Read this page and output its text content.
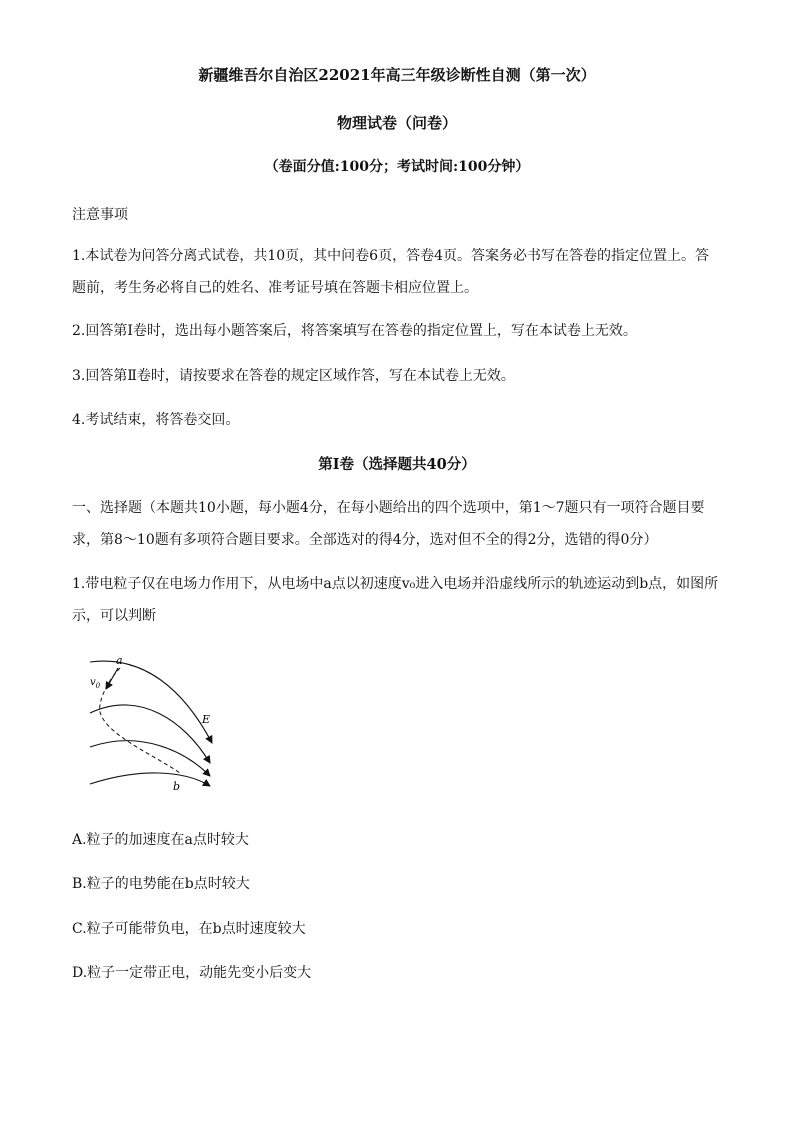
新疆维吾尔自治区22021年高三年级诊断性自测（第一次）
物理试卷（问卷）
（卷面分值:100分；考试时间:100分钟）
注意事项
1.本试卷为问答分离式试卷，共10页，其中问卷6页，答卷4页。答案务必书写在答卷的指定位置上。答题前，考生务必将自己的姓名、准考证号填在答题卡相应位置上。
2.回答第Ⅰ卷时，选出每小题答案后，将答案填写在答卷的指定位置上，写在本试卷上无效。
3.回答第Ⅱ卷时，请按要求在答卷的规定区域作答，写在本试卷上无效。
4.考试结束，将答卷交回。
第Ⅰ卷（选择题共40分）
一、选择题（本题共10小题，每小题4分，在每小题给出的四个选项中，第1～7题只有一项符合题目要求，第8～10题有多项符合题目要求。全部选对的得4分，选对但不全的得2分，选错的得0分）
1.带电粒子仅在电场力作用下，从电场中a点以初速度v₀进入电场并沿虚线所示的轨迹运动到b点，如图所示，可以判断
a
$v_0$
E
b
A.粒子的加速度在a点时较大
B.粒子的电势能在b点时较大
C.粒子可能带负电，在b点时速度较大
D.粒子一定带正电，动能先变小后变大
